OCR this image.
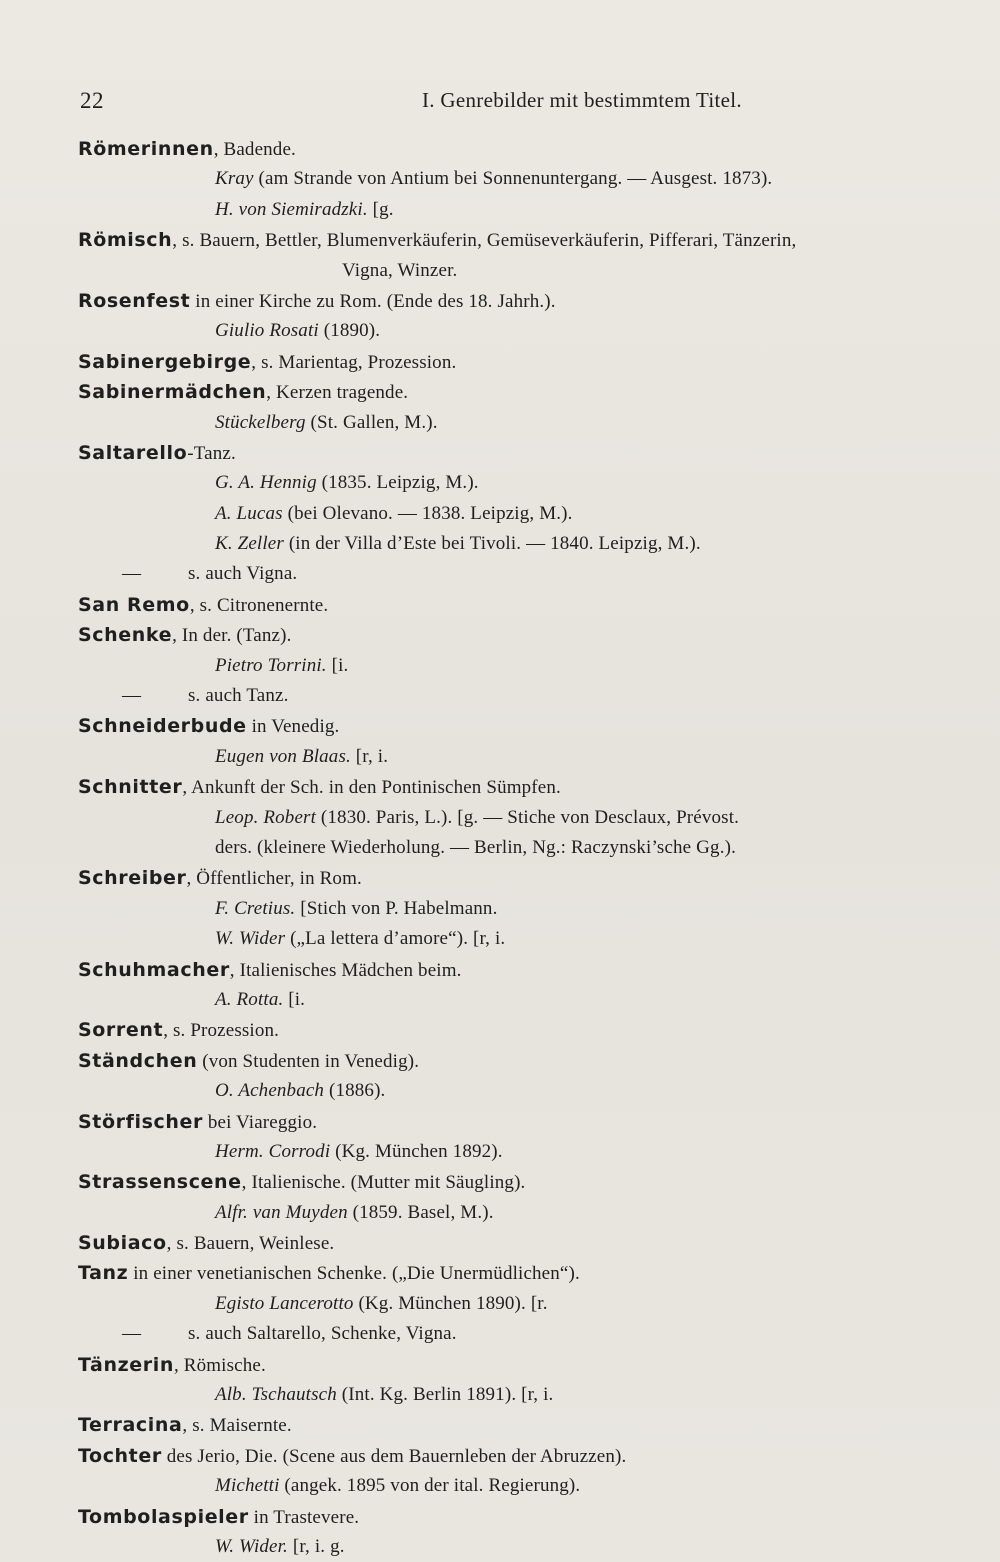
22	I. Genrebilder mit bestimmtem Titel.
Römerinnen, Badende.
Kray (am Strande von Antium bei Sonnenuntergang. — Ausgest. 1873).
H. von Siemiradzki. [g.
Römisch, s. Bauern, Bettler, Blumenverkäuferin, Gemüseverkäuferin, Pifferari, Tänzerin,
Vigna, Winzer.
Rosenfest in einer Kirche zu Rom. (Ende des 18. Jahrh.).
Giulio Rosati (1890).
Sabinergebirge, s. Marientag, Prozession.
Sabinermädchen, Kerzen tragende.
Stückelberg (St. Gallen, M.).
Saltarello-Tanz.
G. A. Hennig (1835. Leipzig, M.).
A. Lucas (bei Olevano. — 1838. Leipzig, M.).
K. Zeller (in der Villa d’Este bei Tivoli. — 1840. Leipzig, M.).
— s. auch Vigna.
San Remo, s. Citronenernte.
Schenke, In der. (Tanz).
Pietro Torrini. [i.
— s. auch Tanz.
Schneiderbude in Venedig.
Eugen von Blaas. [r, i.
Schnitter, Ankunft der Sch. in den Pontinischen Sümpfen.
Leop. Robert (1830. Paris, L.). [g. — Stiche von Desclaux, Prévost.
ders. (kleinere Wiederholung. — Berlin, Ng.: Raczynski’sche Gg.).
Schreiber, Öffentlicher, in Rom.
F. Cretius. [Stich von P. Habelmann.
W. Wider („La lettera d’amore“). [r, i.
Schuhmacher, Italienisches Mädchen beim.
A. Rotta. [i.
Sorrent, s. Prozession.
Ständchen (von Studenten in Venedig).
O. Achenbach (1886).
Störfischer bei Viareggio.
Herm. Corrodi (Kg. München 1892).
Strassenscene, Italienische. (Mutter mit Säugling).
Alfr. van Muyden (1859. Basel, M.).
Subiaco, s. Bauern, Weinlese.
Tanz in einer venetianischen Schenke. („Die Unermüdlichen“).
Egisto Lancerotto (Kg. München 1890). [r.
— s. auch Saltarello, Schenke, Vigna.
Tänzerin, Römische.
Alb. Tschautsch (Int. Kg. Berlin 1891). [r, i.
Terracina, s. Maisernte.
Tochter des Jerio, Die. (Scene aus dem Bauernleben der Abruzzen).
Michetti (angek. 1895 von der ital. Regierung).
Tombolaspieler in Trastevere.
W. Wider. [r, i. g.
